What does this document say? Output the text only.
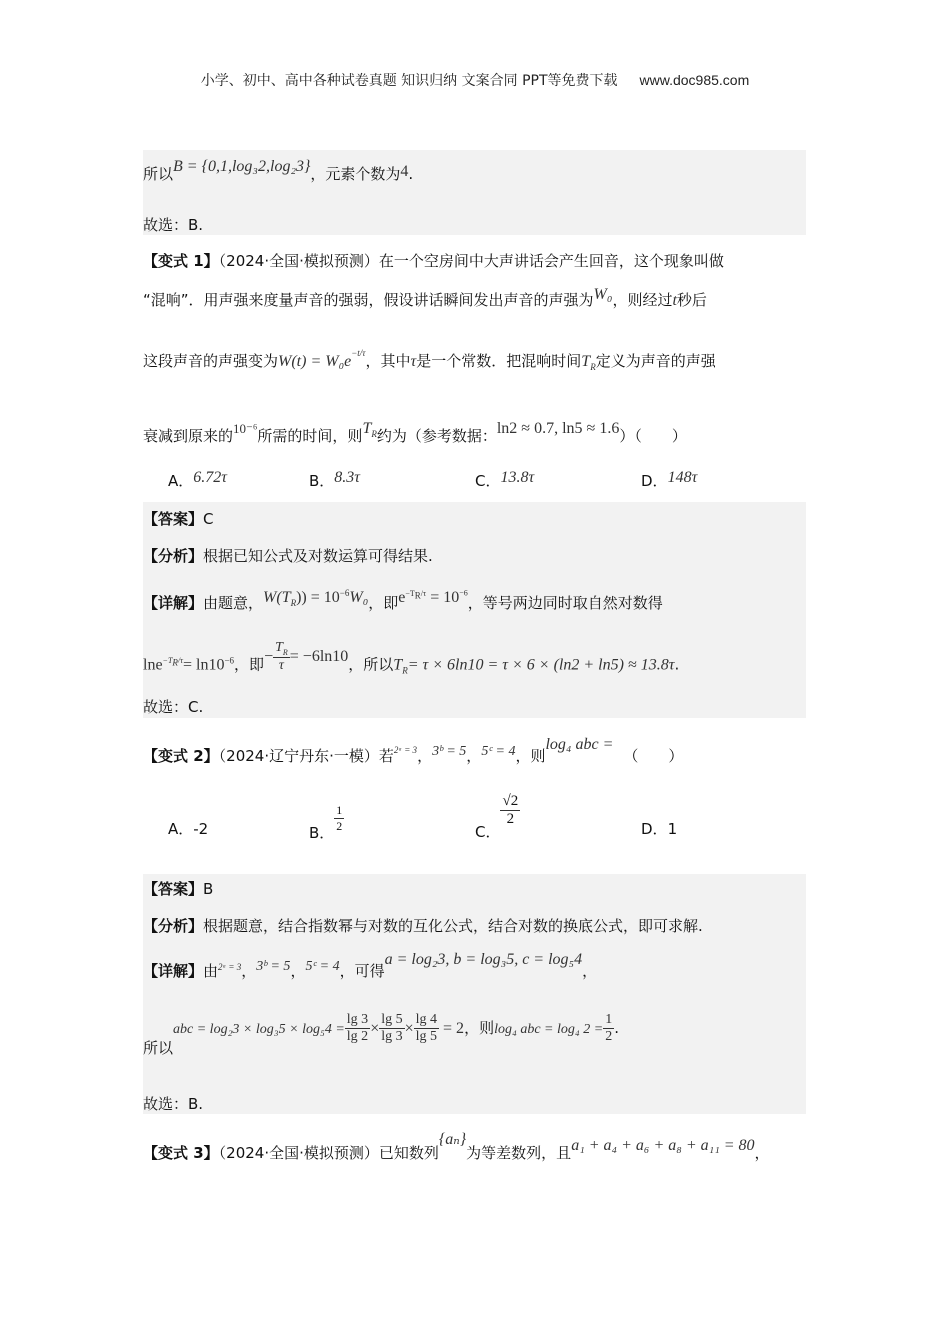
小学、初中、高中各种试卷真题 知识归纳 文案合同 PPT等免费下载 www.doc985.com
所以B = {0,1,log₃2,log₂3}，元素个数为4.
故选：B.
【变式 1】（2024·全国·模拟预测）在一个空房间中大声讲话会产生回音，这个现象叫做
“混响”．用声强来度量声音的强弱，假设讲话瞬间发出声音的声强为W₀，则经过t秒后
这段声音的声强变为$W(t) = W_0e^{-t/\tau}$，其中τ是一个常数．把混响时间$T_R$定义为声音的声强
衰减到原来的10⁻⁶所需的时间，则$T_R$约为（参考数据：ln2 ≈ 0.7, ln5 ≈ 1.6）（　　）
A．6.72τ	B．8.3τ	C．13.8τ	D．148τ
【答案】C
【分析】根据已知公式及对数运算可得结果.
【详解】由题意，$W(T_R)) = 10^{-6}W_0$，即$e^{-T_R/\tau} = 10^{-6}$，等号两边同时取自然对数得
$\ln e^{-T_R/\tau}= \ln 10^{-6}$，即− $\frac{T_R}{\tau} = -6\ln 10$，所以$T_R= \tau \times 6\ln 10 = \tau \times 6 \times (\ln 2 + \ln 5) \approx 13.8\tau$.
故选：C.
【变式 2】（2024·辽宁丹东·一模）若$^{2ᵃ = 3}$，3ᵇ = 5，5ᶜ = 4，则log₄ abc =（　　）
A．-2	B． $\frac{1}{2}$	C．
$\frac{√2}{2}$
D．1
【答案】B
【分析】根据题意，结合指数幂与对数的互化公式，结合对数的换底公式，即可求解.
【详解】由$^{2ᵃ = 3}$，3ᵇ = 5，5ᶜ = 4，可得a = log₂3, b = log₃5, c = log₅4，
所以abc = $\log_23 \times \log_35 \times \log_54 = \frac{\lg 3}{\lg 2} \times \frac{\lg 5}{\lg 3} \times \frac{\lg 4}{\lg 5} = 2$，则log₄ abc = log₄ $2 = \frac{1}{2}$ .
故选：B.
【变式 3】（2024·全国·模拟预测）已知数列{aₙ}为等差数列，且a₁ + a₄ + a₆ + a₈ + a₁₁ = 80，
